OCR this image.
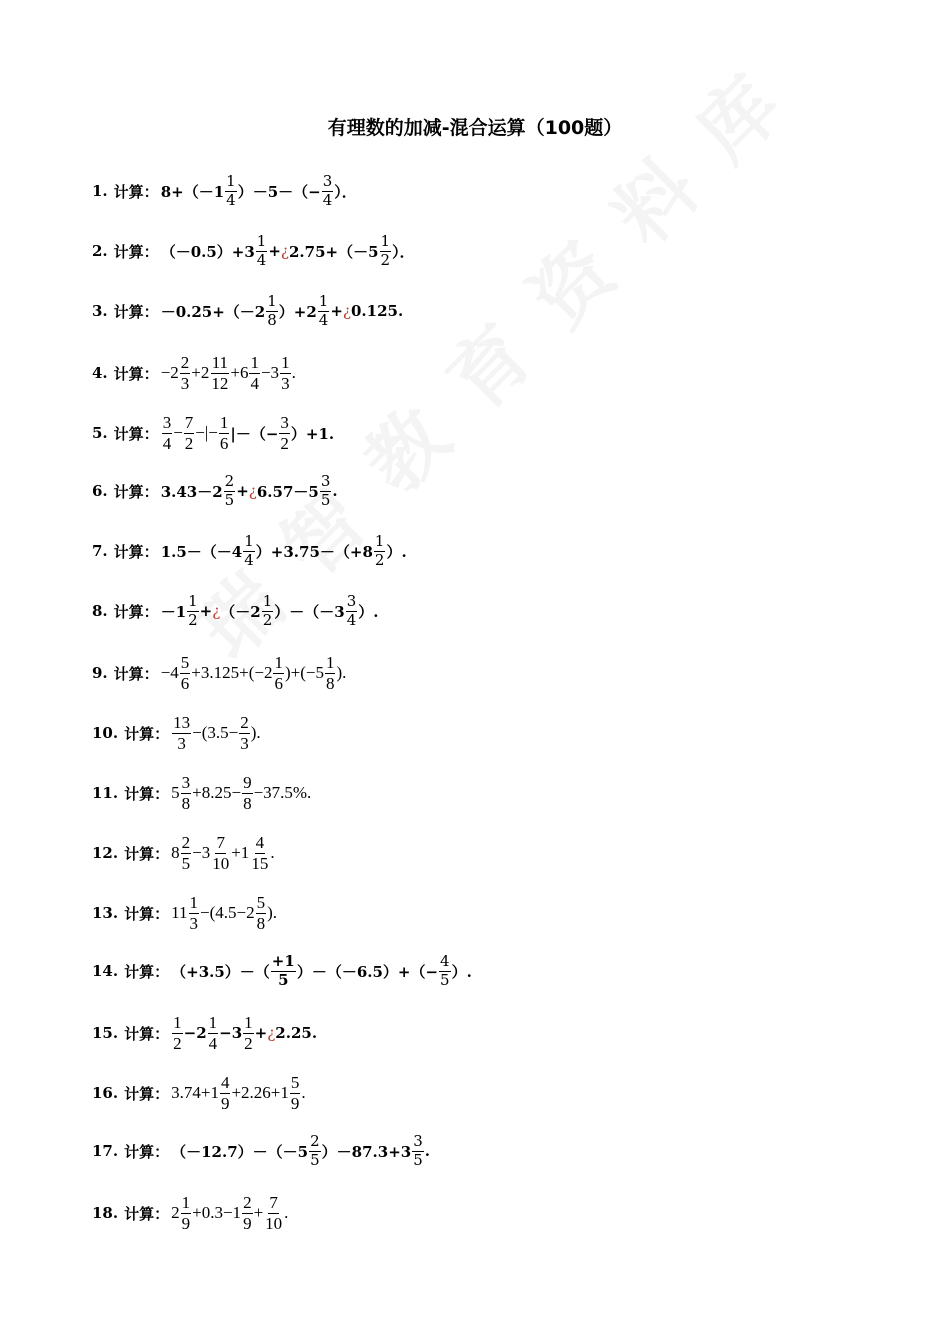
有理数的加减-混合运算（100题）
1. 计算： $8+(-1 \frac{1}{4} )-5-(- \frac{3}{4}$ ）．
2. 计算： $(-0.5)+3 \frac{1}{4}$ + ¿ $2.75+(-5 \frac{1}{2}$ ）．
3. 计算： $-0.25+(-2 \frac{1}{8} )+2 \frac{1}{4}$ + ¿ 0.125.
4. 计算： $-2 \frac{2}{3} +2 \frac{11}{12} +6 \frac{1}{4} -3 \frac{1}{3}$ .
5. 计算： $\frac{3}{4} - \frac{7}{2}$ −|− $\frac{1}{6}$ |－（− $\frac{3}{2} )+1$.
6. 计算： $3.43-2 \frac{2}{5}$ + ¿ $6.57-5 \frac{3}{5}$ .
7. 计算： $1.5-(-4 \frac{1}{4} )+3.75-(+8 \frac{1}{2}$ ）.
8. 计算： $-1 \frac{1}{2}$ + ¿ $(-2 \frac{1}{2} )-(-3 \frac{3}{4}$ ）.
9. 计算： $-4 \frac{5}{6} +3.125+(-2 \frac{1}{6} )+(-5 \frac{1}{8}$ ).
10. 计算： $\frac{13}{3} -(3.5- \frac{2}{3}$ ).
11. 计算： $5 \frac{3}{8} +8.25- \frac{9}{8} -37.5\%$.
12. 计算： $8 \frac{2}{5} -3 \frac{7}{10} +1 \frac{4}{15}$ .
13. 计算： $11 \frac{1}{3} -(4.5-2 \frac{5}{8}$ ).
14. 计算： $(+3.5)-( \frac{+1}{5} )-(-6.5)+(- \frac{4}{5}$ ）.
15. 计算： $\frac{1}{2} -2 \frac{1}{4} -3 \frac{1}{2}$ + ¿ 2.25.
16. 计算： $3.74+1 \frac{4}{9} +2.26+1 \frac{5}{9}$ .
17. 计算： $(-12.7)-(-5 \frac{2}{5} )-87.3+3 \frac{3}{5}$ .
18. 计算： $2 \frac{1}{9} +0.3-1 \frac{2}{9} + \frac{7}{10}$ .
